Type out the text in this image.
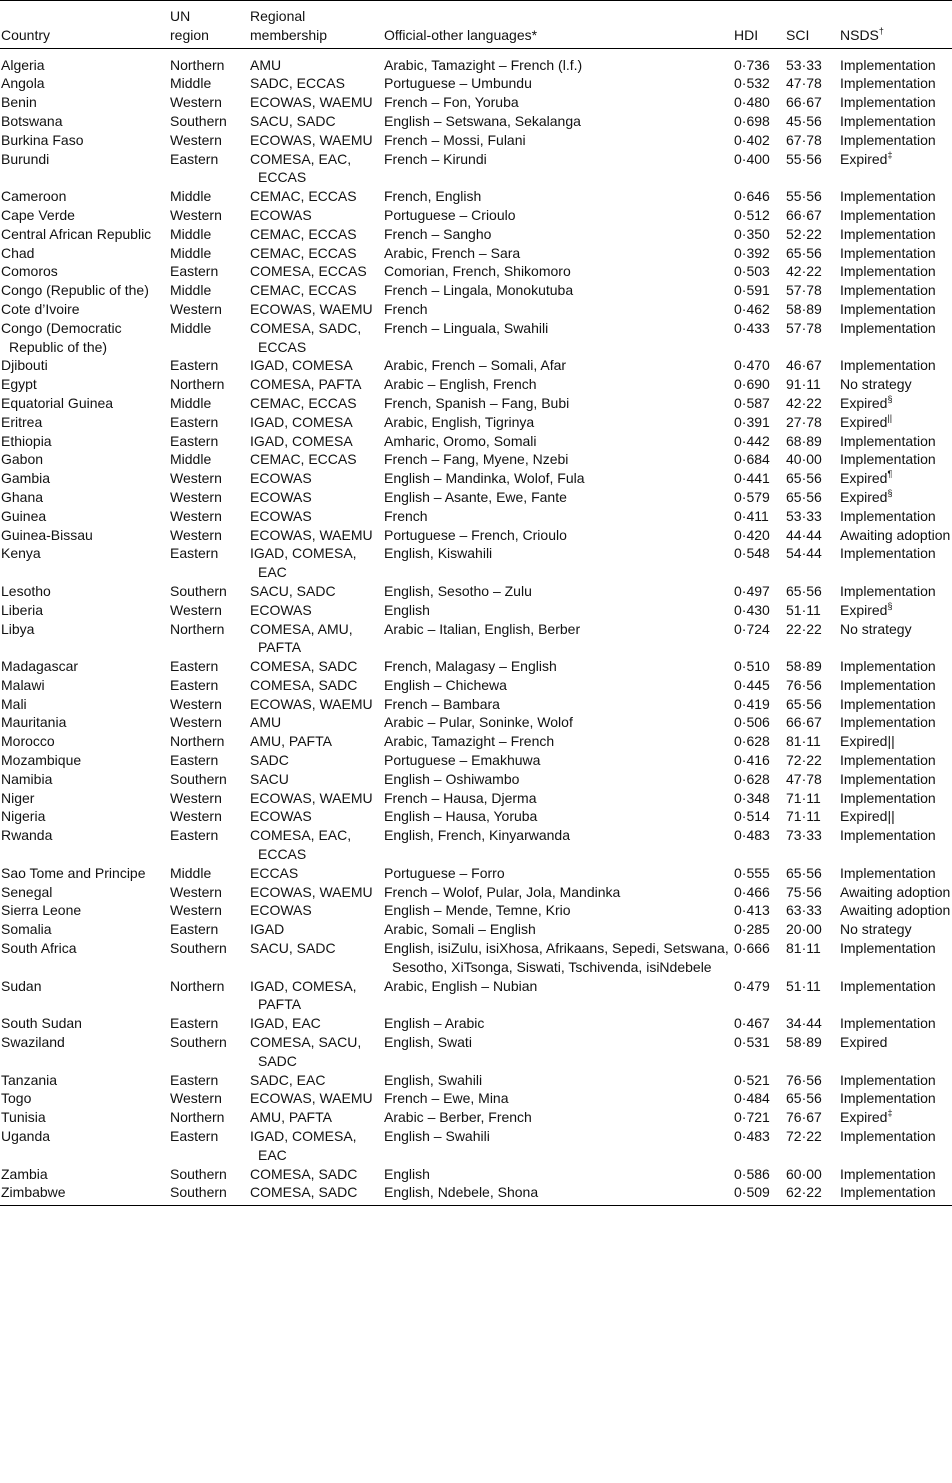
Country	UN region	Regional membership	Official-other languages*	HDI	SCI	NSDS†
Algeria	Northern	AMU	Arabic, Tamazight – French (l.f.)	0·736	53·33	Implementation
Angola	Middle	SADC, ECCAS	Portuguese – Umbundu	0·532	47·78	Implementation
Benin	Western	ECOWAS, WAEMU	French – Fon, Yoruba	0·480	66·67	Implementation
Botswana	Southern	SACU, SADC	English – Setswana, Sekalanga	0·698	45·56	Implementation
Burkina Faso	Western	ECOWAS, WAEMU	French – Mossi, Fulani	0·402	67·78	Implementation
Burundi	Eastern	COMESA, EAC, ECCAS	French – Kirundi	0·400	55·56	Expired‡
Cameroon	Middle	CEMAC, ECCAS	French, English	0·646	55·56	Implementation
Cape Verde	Western	ECOWAS	Portuguese – Crioulo	0·512	66·67	Implementation
Central African Republic	Middle	CEMAC, ECCAS	French – Sangho	0·350	52·22	Implementation
Chad	Middle	CEMAC, ECCAS	Arabic, French – Sara	0·392	65·56	Implementation
Comoros	Eastern	COMESA, ECCAS	Comorian, French, Shikomoro	0·503	42·22	Implementation
Congo (Republic of the)	Middle	CEMAC, ECCAS	French – Lingala, Monokutuba	0·591	57·78	Implementation
Cote d’Ivoire	Western	ECOWAS, WAEMU	French	0·462	58·89	Implementation
Congo (Democratic Republic of the)	Middle	COMESA, SADC, ECCAS	French – Linguala, Swahili	0·433	57·78	Implementation
Djibouti	Eastern	IGAD, COMESA	Arabic, French – Somali, Afar	0·470	46·67	Implementation
Egypt	Northern	COMESA, PAFTA	Arabic – English, French	0·690	91·11	No strategy
Equatorial Guinea	Middle	CEMAC, ECCAS	French, Spanish – Fang, Bubi	0·587	42·22	Expired§
Eritrea	Eastern	IGAD, COMESA	Arabic, English, Tigrinya	0·391	27·78	Expired||
Ethiopia	Eastern	IGAD, COMESA	Amharic, Oromo, Somali	0·442	68·89	Implementation
Gabon	Middle	CEMAC, ECCAS	French – Fang, Myene, Nzebi	0·684	40·00	Implementation
Gambia	Western	ECOWAS	English – Mandinka, Wolof, Fula	0·441	65·56	Expired¶
Ghana	Western	ECOWAS	English – Asante, Ewe, Fante	0·579	65·56	Expired§
Guinea	Western	ECOWAS	French	0·411	53·33	Implementation
Guinea-Bissau	Western	ECOWAS, WAEMU	Portuguese – French, Crioulo	0·420	44·44	Awaiting adoption
Kenya	Eastern	IGAD, COMESA, EAC	English, Kiswahili	0·548	54·44	Implementation
Lesotho	Southern	SACU, SADC	English, Sesotho – Zulu	0·497	65·56	Implementation
Liberia	Western	ECOWAS	English	0·430	51·11	Expired§
Libya	Northern	COMESA, AMU, PAFTA	Arabic – Italian, English, Berber	0·724	22·22	No strategy
Madagascar	Eastern	COMESA, SADC	French, Malagasy – English	0·510	58·89	Implementation
Malawi	Eastern	COMESA, SADC	English – Chichewa	0·445	76·56	Implementation
Mali	Western	ECOWAS, WAEMU	French – Bambara	0·419	65·56	Implementation
Mauritania	Western	AMU	Arabic – Pular, Soninke, Wolof	0·506	66·67	Implementation
Morocco	Northern	AMU, PAFTA	Arabic, Tamazight – French	0·628	81·11	Expired||
Mozambique	Eastern	SADC	Portuguese – Emakhuwa	0·416	72·22	Implementation
Namibia	Southern	SACU	English – Oshiwambo	0·628	47·78	Implementation
Niger	Western	ECOWAS, WAEMU	French – Hausa, Djerma	0·348	71·11	Implementation
Nigeria	Western	ECOWAS	English – Hausa, Yoruba	0·514	71·11	Expired||
Rwanda	Eastern	COMESA, EAC, ECCAS	English, French, Kinyarwanda	0·483	73·33	Implementation
Sao Tome and Principe	Middle	ECCAS	Portuguese – Forro	0·555	65·56	Implementation
Senegal	Western	ECOWAS, WAEMU	French – Wolof, Pular, Jola, Mandinka	0·466	75·56	Awaiting adoption
Sierra Leone	Western	ECOWAS	English – Mende, Temne, Krio	0·413	63·33	Awaiting adoption
Somalia	Eastern	IGAD	Arabic, Somali – English	0·285	20·00	No strategy
South Africa	Southern	SACU, SADC	English, isiZulu, isiXhosa, Afrikaans, Sepedi, Setswana, Sesotho, XiTsonga, Siswati, Tschivenda, isiNdebele	0·666	81·11	Implementation
Sudan	Northern	IGAD, COMESA, PAFTA	Arabic, English – Nubian	0·479	51·11	Implementation
South Sudan	Eastern	IGAD, EAC	English – Arabic	0·467	34·44	Implementation
Swaziland	Southern	COMESA, SACU, SADC	English, Swati	0·531	58·89	Expired
Tanzania	Eastern	SADC, EAC	English, Swahili	0·521	76·56	Implementation
Togo	Western	ECOWAS, WAEMU	French – Ewe, Mina	0·484	65·56	Implementation
Tunisia	Northern	AMU, PAFTA	Arabic – Berber, French	0·721	76·67	Expired‡
Uganda	Eastern	IGAD, COMESA, EAC	English – Swahili	0·483	72·22	Implementation
Zambia	Southern	COMESA, SADC	English	0·586	60·00	Implementation
Zimbabwe	Southern	COMESA, SADC	English, Ndebele, Shona	0·509	62·22	Implementation
